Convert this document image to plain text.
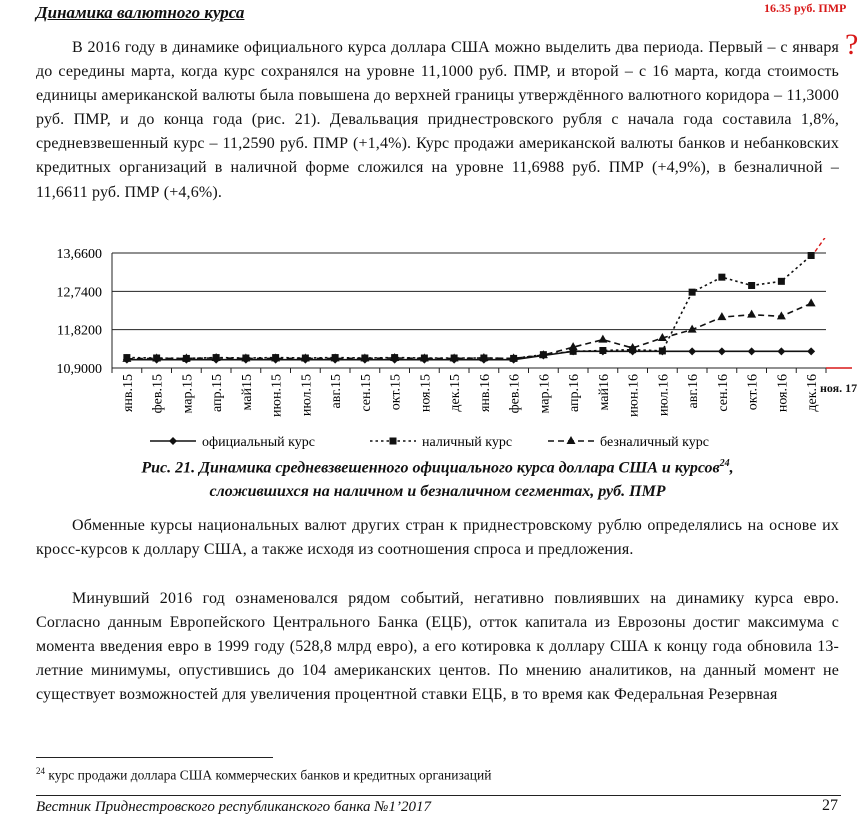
Динамика валютного курса	16.35 руб. ПМР
?

В 2016 году в динамике официального курса доллара США можно выделить два периода. Первый – с января до середины марта, когда курс сохранялся на уровне 11,1000 руб. ПМР, и второй – с 16 марта, когда стоимость единицы американской валюты была повышена до верхней границы утверждённого валютного коридора – 11,3000 руб. ПМР, и до конца года (рис. 21). Девальвация приднестровского рубля с начала года составила 1,8%, средневзвешенный курс – 11,2590 руб. ПМР (+1,4%). Курс продажи американской валюты банков и небанковских кредитных организаций в наличной форме сложился на уровне 11,6988 руб. ПМР (+4,9%), в безналичной – 11,6611 руб. ПМР (+4,6%).

13,6600
12,7400
11,8200
10,9000
янв.15 фев.15 мар.15 апр.15 май15 июн.15 июл.15 авг.15 сен.15 окт.15 ноя.15 дек.15 янв.16 фев.16 мар.16 апр.16 май16 июн.16 июл.16 авг.16 сен.16 окт.16 ноя.16 дек.16 ноя. 17
официальный курс	наличный курс	безналичный курс

Рис. 21. Динамика средневзвешенного официального курса доллара США и курсов$^{24}$,

сложившихся на наличном и безналичном сегментах, руб. ПМР

Обменные курсы национальных валют других стран к приднестровскому рублю определялись на основе их кросс-курсов к доллару США, а также исходя из соотношения спроса и предложения.

Минувший 2016 год ознаменовался рядом событий, негативно повлиявших на динамику курса евро. Согласно данным Европейского Центрального Банка (ЕЦБ), отток капитала из Еврозоны достиг максимума с момента введения евро в 1999 году (528,8 млрд евро), а его котировка к доллару США к концу года обновила 13-летние минимумы, опустившись до 104 американских центов. По мнению аналитиков, на данный момент не существует возможностей для увеличения процентной ставки ЕЦБ, в то время как Федеральная Резервная

$^{24}$ курс продажи доллара США коммерческих банков и кредитных организаций
Вестник Приднестровского республиканского банка №1’2017	27
